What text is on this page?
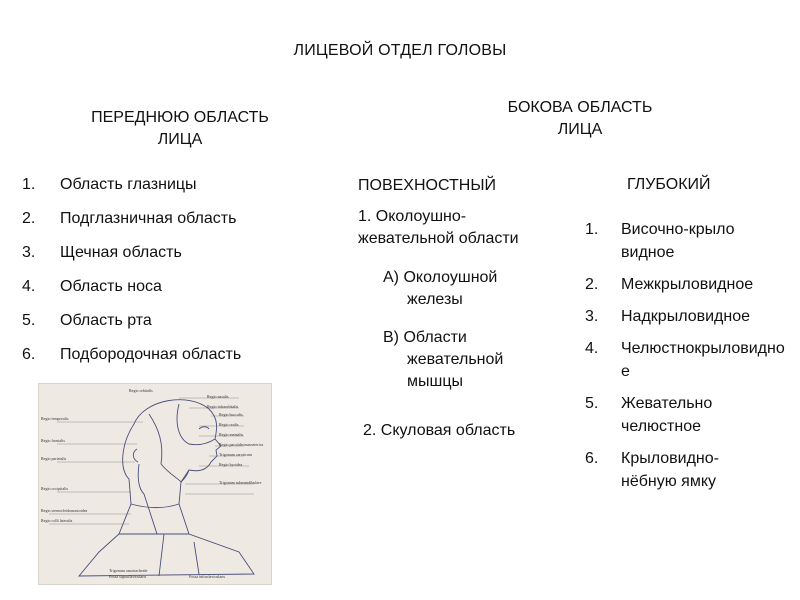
ЛИЦЕВОЙ ОТДЕЛ ГОЛОВЫ
ПЕРЕДНЮЮ ОБЛАСТЬ
ЛИЦА
БОКОВА ОБЛАСТЬ
ЛИЦА
1.	Область глазницы
2.	Подглазничная область
3.	Щечная область
4.	Область носа
5.	Область рта
6.	Подбородочная область
ПОВЕХНОСТНЫЙ
1. Околоушно-
жевательной области
А) Околоушной
железы
В) Области
жевательной
мышцы
2. Скуловая область
ГЛУБОКИЙ
1.	Височно-крыловидное
2.	Межкрыловидное
3.	Надкрыловидное
4.	Челюстнокрыловидное
5.	Жевательно челюстное
6.	Крыловидно-нёбную ямку
Regio temporalis
Regio frontalis
Regio parietalis
Regio occipitalis
Regio sternocleidomastoidea
Regio colli lateralis
Regio orbitalis
Regio nasalis
Regio infraorbitalis
Regio buccalis
Regio oralis
Regio mentalis
Regio parotideomasseterica
Trigonum caroticum
Regio hyoidea
Trigonum submandibulare
Trigonum omotracheale
Fossa supraclavicularis	Fossa infraclavicularis
